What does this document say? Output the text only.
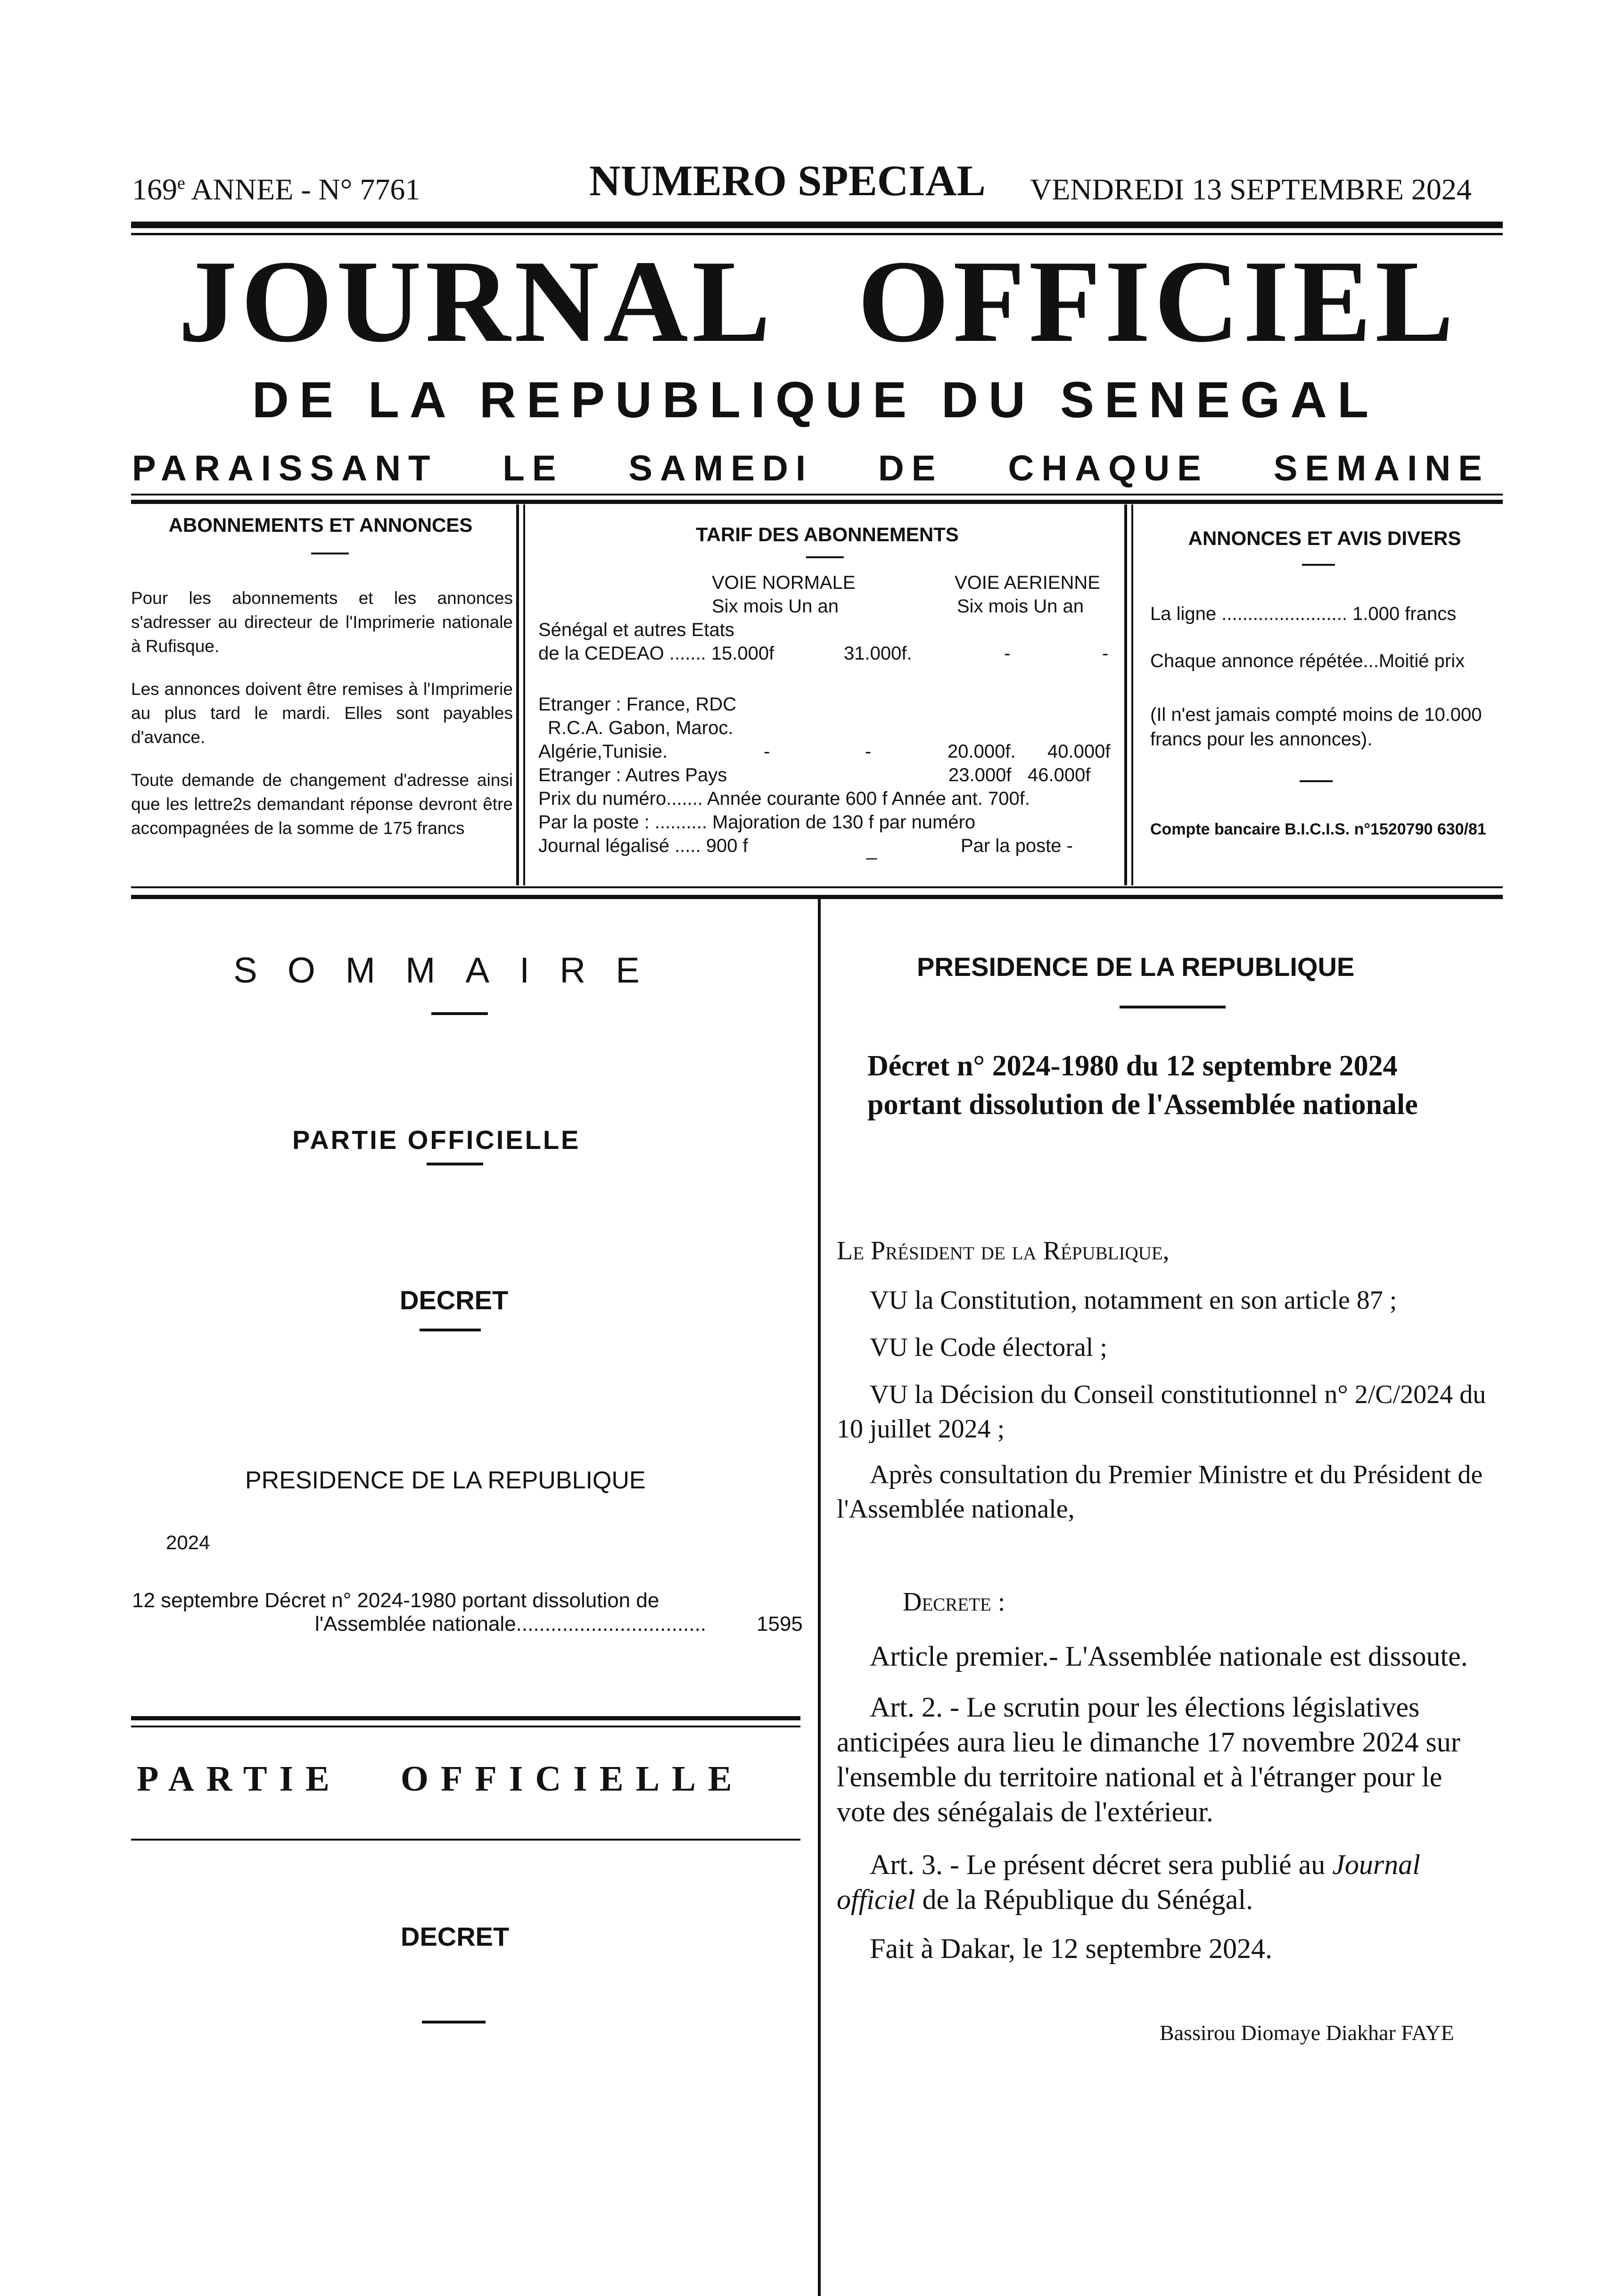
169e ANNEE - N° 7761	NUMERO SPECIAL VENDREDI 13 SEPTEMBRE 2024
JOURNAL OFFICIEL
DE LA REPUBLIQUE DU SENEGAL
PARAISSANT LE SAMEDI DE CHAQUE SEMAINE
ABONNEMENTS ET ANNONCES
Pour les abonnements et les annonces s'adresser au directeur de l'Imprimerie nationale à Rufisque.
Les annonces doivent être remises à l'Imprimerie au plus tard le mardi. Elles sont payables d'avance.
Toute demande de changement d'adresse ainsi que les lettre2s demandant réponse devront être accompagnées de la somme de 175 francs
TARIF DES ABONNEMENTS
VOIE NORMALE	VOIE AERIENNE
Six mois Un an	Six mois Un an
Sénégal et autres Etats
de la CEDEAO ....... 15.000f	31.000f.	-	-
Etranger : France, RDC
R.C.A. Gabon, Maroc.
Algérie,Tunisie.	-	-	20.000f. 40.000f
Etranger : Autres Pays	23.000f 46.000f
Prix du numéro....... Année courante 600 f Année ant. 700f.
Par la poste : .......... Majoration de 130 f par numéro
Journal légalisé ..... 900 f	_	Par la poste -
ANNONCES ET AVIS DIVERS
La ligne ........................ 1.000 francs
Chaque annonce répétée...Moitié prix
(Il n'est jamais compté moins de 10.000 francs pour les annonces).
Compte bancaire B.I.C.I.S. n°1520790 630/81
SOMMAIRE
PARTIE OFFICIELLE
DECRET
PRESIDENCE DE LA REPUBLIQUE
2024
12 septembre Décret n° 2024-1980 portant dissolution de
l'Assemblée nationale................................. 1595
PARTIE OFFICIELLE
DECRET
PRESIDENCE DE LA REPUBLIQUE
Décret n° 2024-1980 du 12 septembre 2024
portant dissolution de l'Assemblée nationale
Le Président de la République,
VU la Constitution, notamment en son article 87 ;
VU le Code électoral ;
VU la Décision du Conseil constitutionnel n° 2/C/2024 du
10 juillet 2024 ;
Après consultation du Premier Ministre et du Président de
l'Assemblée nationale,
Decrete :
Article premier.- L'Assemblée nationale est dissoute.
Art. 2. - Le scrutin pour les élections législatives
anticipées aura lieu le dimanche 17 novembre 2024 sur
l'ensemble du territoire national et à l'étranger pour le
vote des sénégalais de l'extérieur.
Art. 3. - Le présent décret sera publié au Journal
officiel de la République du Sénégal.
Fait à Dakar, le 12 septembre 2024.
Bassirou Diomaye Diakhar FAYE
